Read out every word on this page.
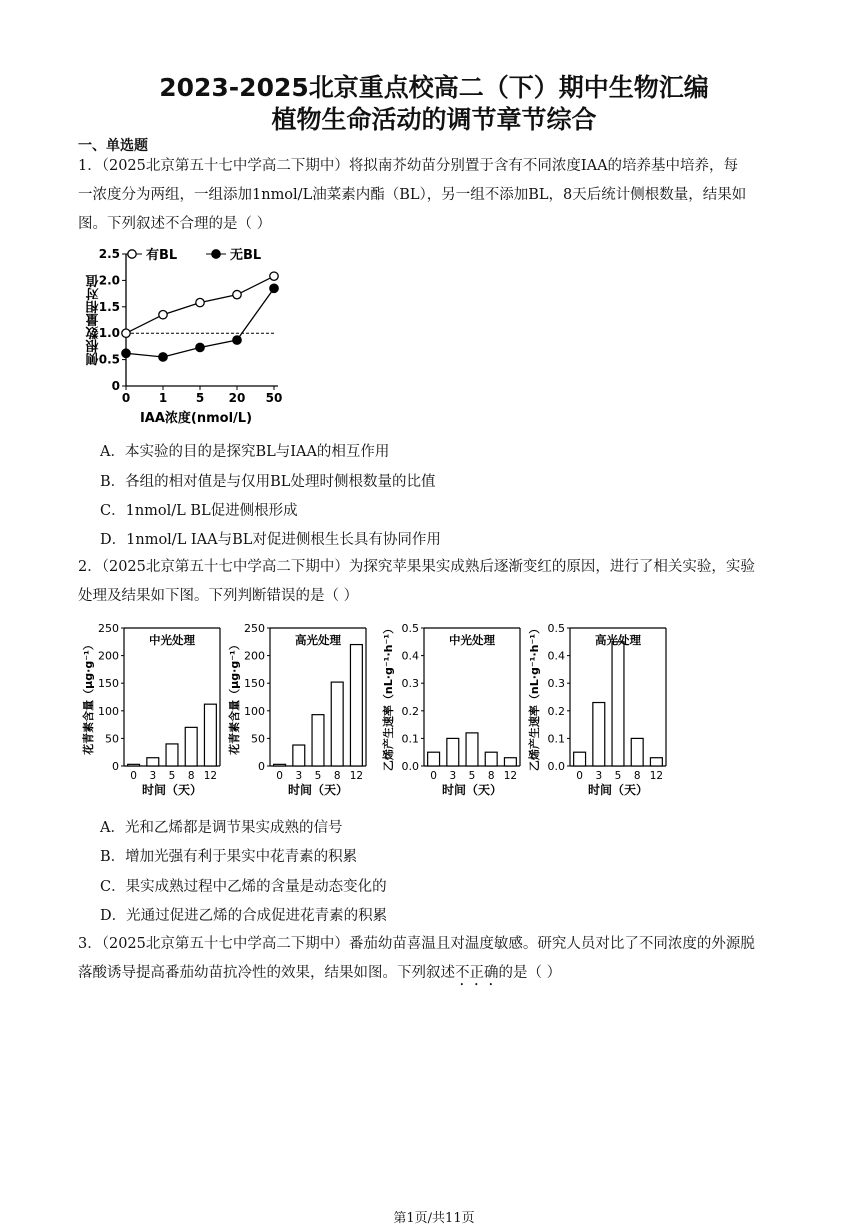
2023-2025北京重点校高二（下）期中生物汇编
植物生命活动的调节章节综合
一、单选题
1．（2025北京第五十七中学高二下期中）将拟南芥幼苗分别置于含有不同浓度IAA的培养基中培养，每
一浓度分为两组，一组添加1nmol/L油菜素内酯（BL），另一组不添加BL，8天后统计侧根数量，结果如
图。下列叙述不合理的是（ ）
0
0.5
1.0
1.5
2.0
2.5
0 1 5 20 50
有BL	无BL
IAA浓度(nmol/L)
侧根数量相对值
A．本实验的目的是探究BL与IAA的相互作用
B．各组的相对值是与仅用BL处理时侧根数量的比值
C．1nmol/L BL促进侧根形成
D．1nmol/L IAA与BL对促进侧根生长具有协同作用
2．（2025北京第五十七中学高二下期中）为探究苹果果实成熟后逐渐变红的原因，进行了相关实验，实验
处理及结果如下图。下列判断错误的是（ ）
0
50
100
150
200
250
0 3 5 8 12
中光处理
时间（天）
花青素含量（μg·g⁻¹）
0
50
100
150
200
250
0 3 5 8 12
高光处理
时间（天）
花青素含量（μg·g⁻¹）
0.0
0.1
0.2
0.3
0.4
0.5
0 3 5 8 12
中光处理
时间（天）
乙烯产生速率（nL·g⁻¹·h⁻¹）	0.0
0.1
0.2
0.3
0.4
0.5
0 3 5 8 12
高光处理
时间（天）
乙烯产生速率（nL·g⁻¹·h⁻¹）
A．光和乙烯都是调节果实成熟的信号
B．增加光强有利于果实中花青素的积累
C．果实成熟过程中乙烯的含量是动态变化的
D．光通过促进乙烯的合成促进花青素的积累
3．（2025北京第五十七中学高二下期中）番茄幼苗喜温且对温度敏感。研究人员对比了不同浓度的外源脱
落酸诱导提高番茄幼苗抗冷性的效果，结果如图。下列叙述不正确的是（ ）
第1页/共11页
